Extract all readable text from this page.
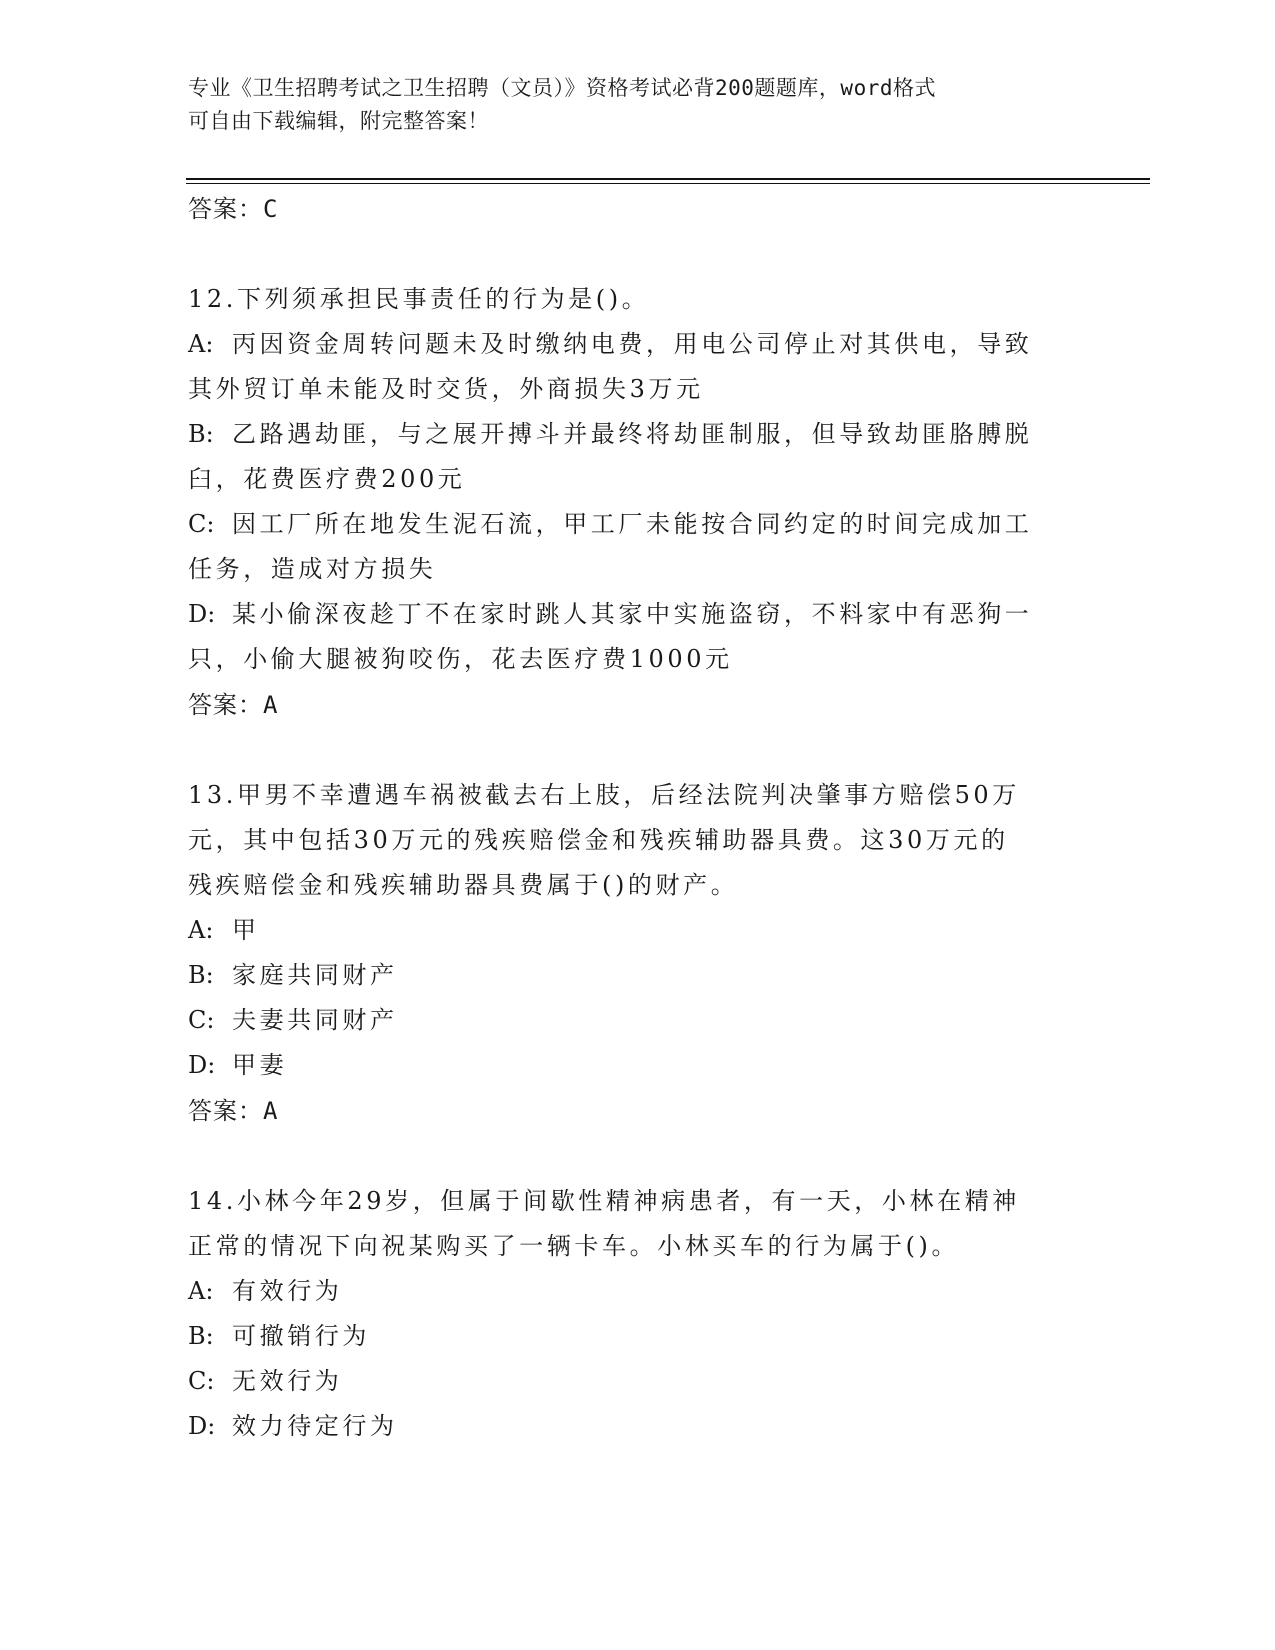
专业《卫生招聘考试之卫生招聘（文员）》资格考试必背200题题库，word格式
可自由下载编辑，附完整答案！
答案：C

12.下列须承担民事责任的行为是()。

A: 丙因资金周转问题未及时缴纳电费，用电公司停止对其供电，导致

其外贸订单未能及时交货，外商损失3万元

B: 乙路遇劫匪，与之展开搏斗并最终将劫匪制服，但导致劫匪胳膊脱

臼，花费医疗费200元

C: 因工厂所在地发生泥石流，甲工厂未能按合同约定的时间完成加工

任务，造成对方损失

D: 某小偷深夜趁丁不在家时跳人其家中实施盗窃，不料家中有恶狗一

只，小偷大腿被狗咬伤，花去医疗费1000元

答案：A

13.甲男不幸遭遇车祸被截去右上肢，后经法院判决肇事方赔偿50万

元，其中包括30万元的残疾赔偿金和残疾辅助器具费。这30万元的

残疾赔偿金和残疾辅助器具费属于()的财产。

A: 甲

B: 家庭共同财产

C: 夫妻共同财产

D: 甲妻

答案：A

14.小林今年29岁，但属于间歇性精神病患者，有一天，小林在精神

正常的情况下向祝某购买了一辆卡车。小林买车的行为属于()。

A: 有效行为

B: 可撤销行为

C: 无效行为

D: 效力待定行为
